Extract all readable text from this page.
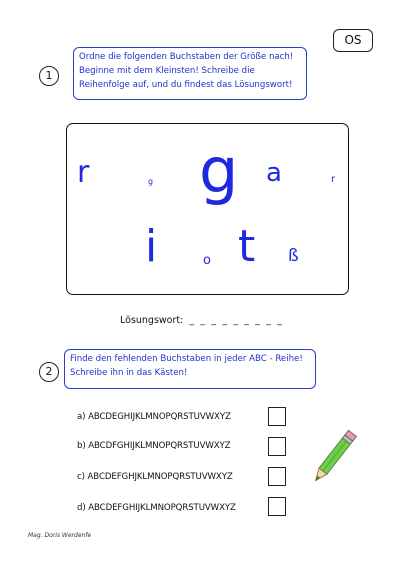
OS
1
Ordne die folgenden Buchstaben der Größe nach!
Beginne mit dem Kleinsten! Schreibe die
Reihenfolge auf, und du findest das Lösungswort!
r	g g a	r
i	o t ß
Lösungswort: _ _ _ _ _ _ _ _ _
2
Finde den fehlenden Buchstaben in jeder ABC - Reihe!
Schreibe ihn in das Kästen!
a) ABCDEGHIJKLMNOPQRSTUVWXYZ
b) ABCDFGHIJKLMNOPQRSTUVWXYZ
c) ABCDEFGHJKLMNOPQRSTUVWXYZ
d) ABCDEFGHIJKLMNOPQRSTUVWXYZ
Mag. Doris Werdenfe
